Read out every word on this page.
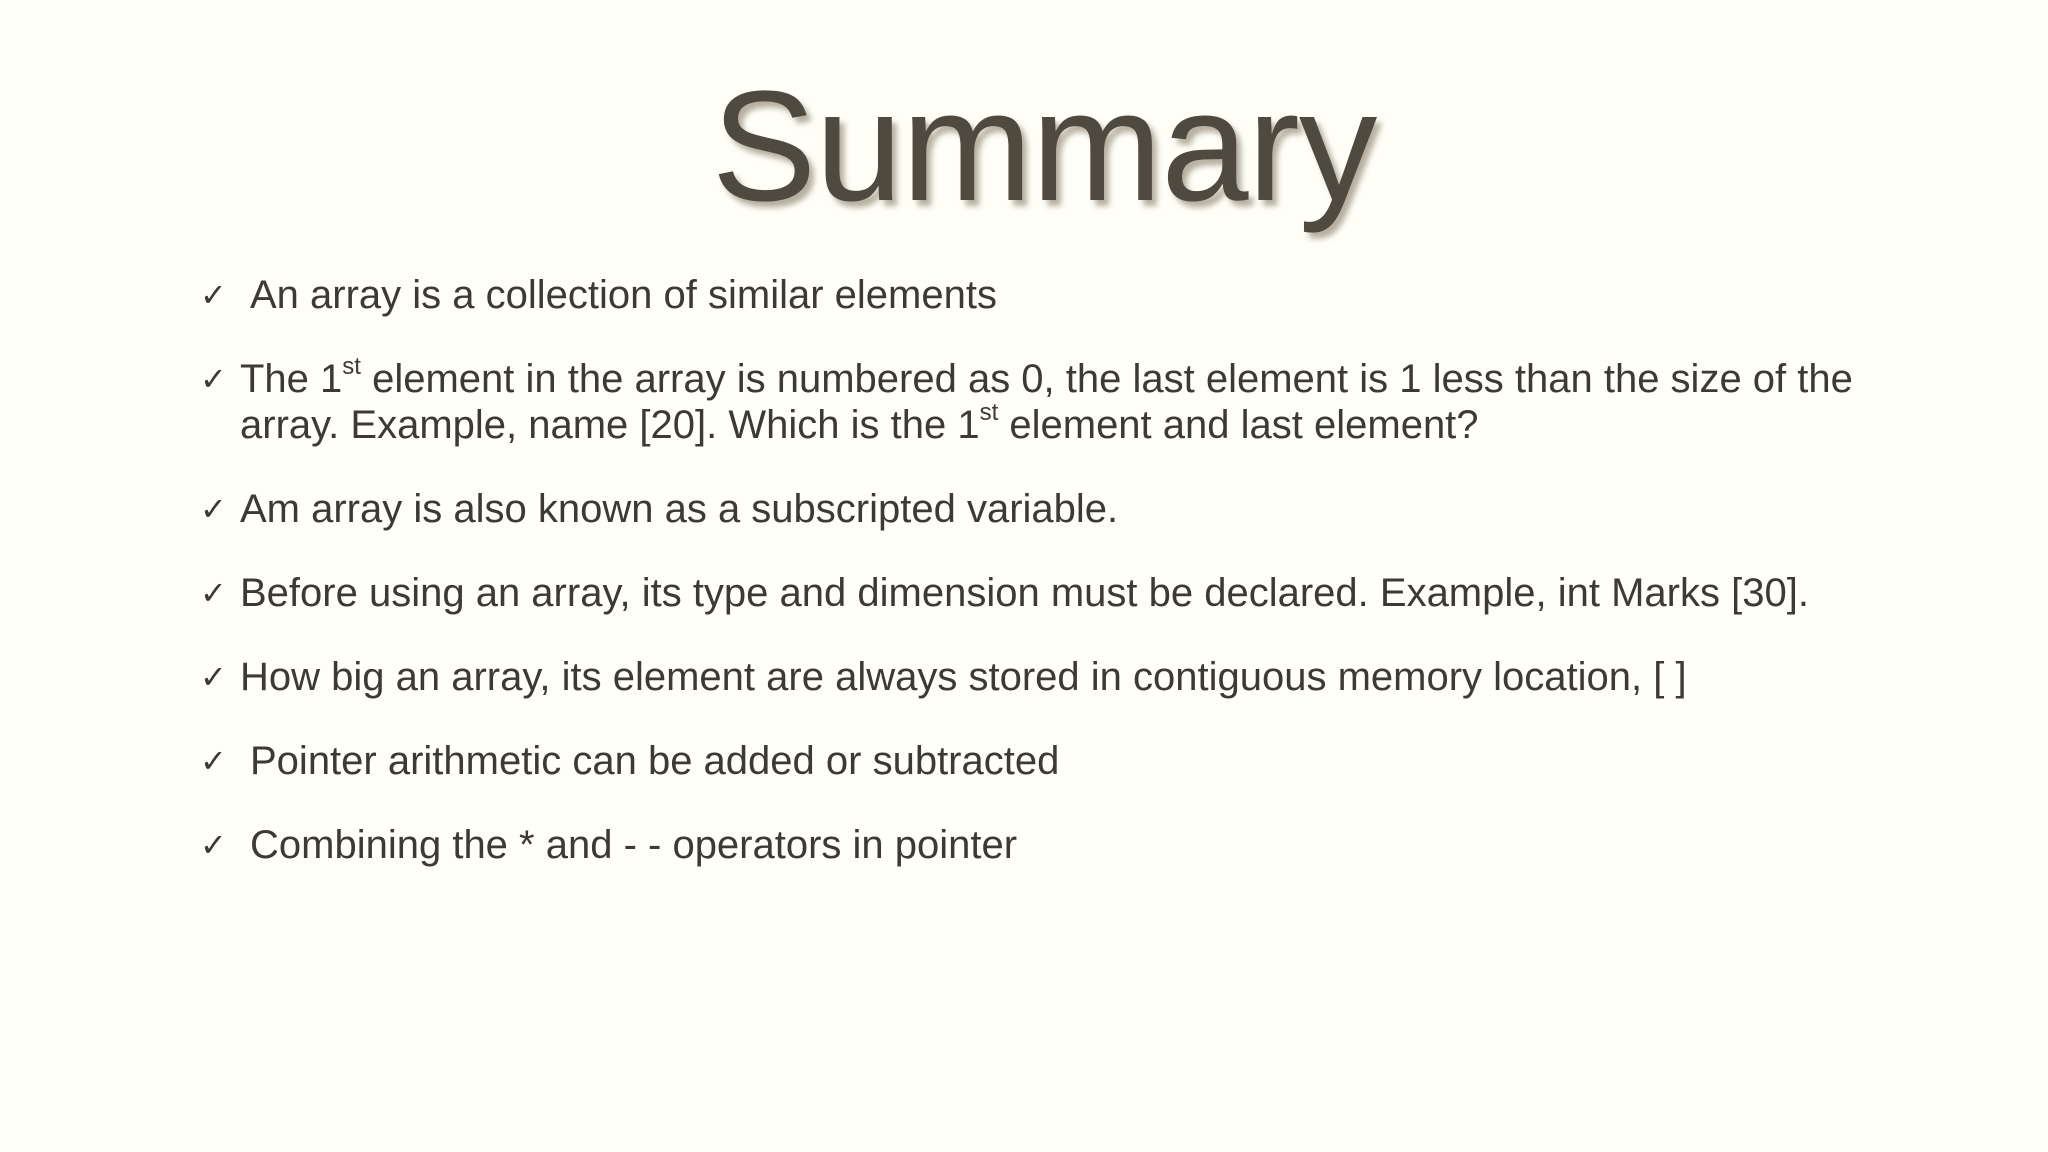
Summary
✓ An array is a collection of similar elements
✓ The 1st element in the array is numbered as 0, the last element is 1 less than the size of the array. Example, name [20]. Which is the 1st element and last element?
✓ Am array is also known as a subscripted variable.
✓ Before using an array, its type and dimension must be declared. Example, int Marks [30].
✓ How big an array, its element are always stored in contiguous memory location, [ ]
✓ Pointer arithmetic can be added or subtracted
✓ Combining the * and - - operators in pointer
